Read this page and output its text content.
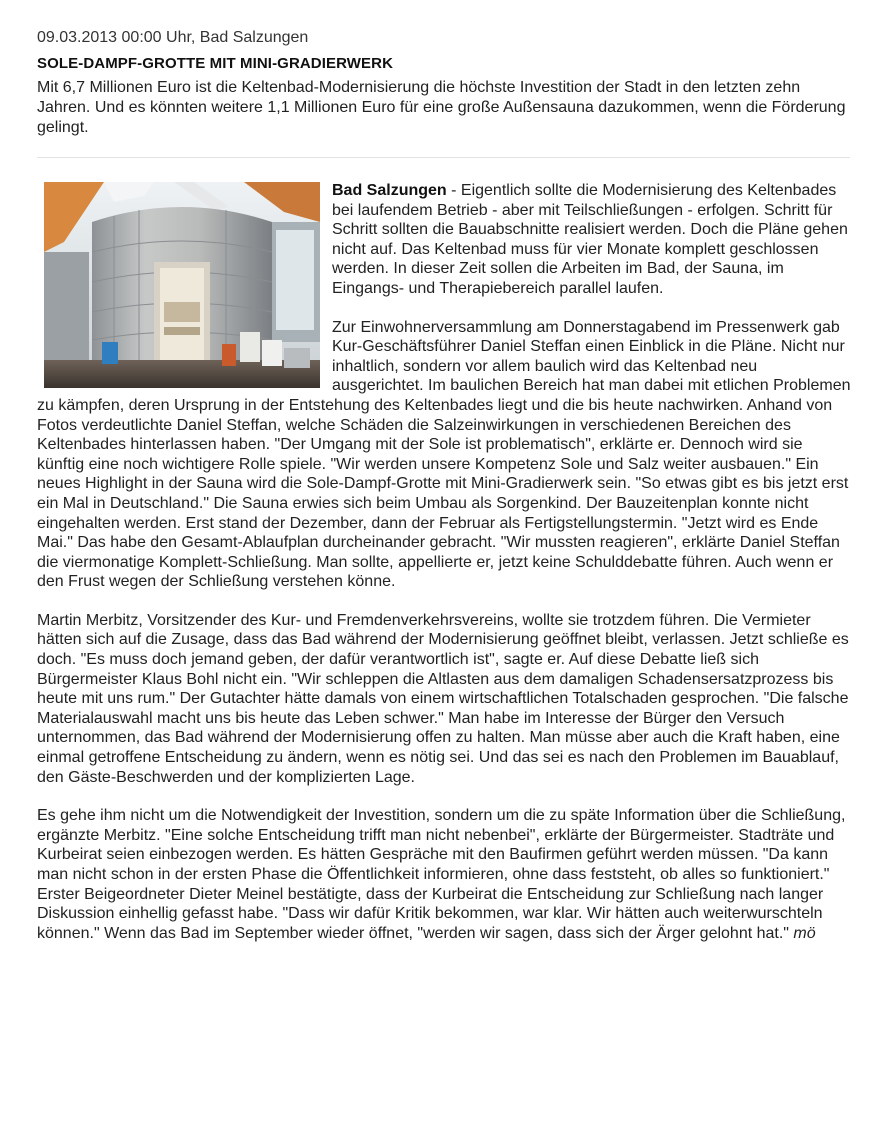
09.03.2013 00:00 Uhr, Bad Salzungen

SOLE-DAMPF-GROTTE MIT MINI-GRADIERWERK

Mit 6,7 Millionen Euro ist die Keltenbad-Modernisierung die höchste Investition der Stadt in den letzten zehn Jahren. Und es könnten weitere 1,1 Millionen Euro für eine große Außensauna dazukommen, wenn die Förderung gelingt.

Bad Salzungen - Eigentlich sollte die Modernisierung des Keltenbades bei laufendem Betrieb - aber mit Teilschließungen - erfolgen. Schritt für Schritt sollten die Bauabschnitte realisiert werden. Doch die Pläne gehen nicht auf. Das Keltenbad muss für vier Monate komplett geschlossen werden. In dieser Zeit sollen die Arbeiten im Bad, der Sauna, im Eingangs- und Therapiebereich parallel laufen.

Zur Einwohnerversammlung am Donnerstagabend im Pressenwerk gab Kur-Geschäftsführer Daniel Steffan einen Einblick in die Pläne. Nicht nur inhaltlich, sondern vor allem baulich wird das Keltenbad neu ausgerichtet. Im baulichen Bereich hat man dabei mit etlichen Problemen zu kämpfen, deren Ursprung in der Entstehung des Keltenbades liegt und die bis heute nachwirken. Anhand von Fotos verdeutlichte Daniel Steffan, welche Schäden die Salzeinwirkungen in verschiedenen Bereichen des Keltenbades hinterlassen haben. "Der Umgang mit der Sole ist problematisch", erklärte er. Dennoch wird sie künftig eine noch wichtigere Rolle spiele. "Wir werden unsere Kompetenz Sole und Salz weiter ausbauen." Ein neues Highlight in der Sauna wird die Sole-Dampf-Grotte mit Mini-Gradierwerk sein. "So etwas gibt es bis jetzt erst ein Mal in Deutschland." Die Sauna erwies sich beim Umbau als Sorgenkind. Der Bauzeitenplan konnte nicht eingehalten werden. Erst stand der Dezember, dann der Februar als Fertigstellungstermin. "Jetzt wird es Ende Mai." Das habe den Gesamt-Ablaufplan durcheinander gebracht. "Wir mussten reagieren", erklärte Daniel Steffan die viermonatige Komplett-Schließung. Man sollte, appellierte er, jetzt keine Schulddebatte führen. Auch wenn er den Frust wegen der Schließung verstehen könne.

Martin Merbitz, Vorsitzender des Kur- und Fremdenverkehrsvereins, wollte sie trotzdem führen. Die Vermieter hätten sich auf die Zusage, dass das Bad während der Modernisierung geöffnet bleibt, verlassen. Jetzt schließe es doch. "Es muss doch jemand geben, der dafür verantwortlich ist", sagte er. Auf diese Debatte ließ sich Bürgermeister Klaus Bohl nicht ein. "Wir schleppen die Altlasten aus dem damaligen Schadensersatzprozess bis heute mit uns rum." Der Gutachter hätte damals von einem wirtschaftlichen Totalschaden gesprochen. "Die falsche Materialauswahl macht uns bis heute das Leben schwer." Man habe im Interesse der Bürger den Versuch unternommen, das Bad während der Modernisierung offen zu halten. Man müsse aber auch die Kraft haben, eine einmal getroffene Entscheidung zu ändern, wenn es nötig sei. Und das sei es nach den Problemen im Bauablauf, den Gäste-Beschwerden und der komplizierten Lage.

Es gehe ihm nicht um die Notwendigkeit der Investition, sondern um die zu späte Information über die Schließung, ergänzte Merbitz. "Eine solche Entscheidung trifft man nicht nebenbei", erklärte der Bürgermeister. Stadträte und Kurbeirat seien einbezogen werden. Es hätten Gespräche mit den Baufirmen geführt werden müssen. "Da kann man nicht schon in der ersten Phase die Öffentlichkeit informieren, ohne dass feststeht, ob alles so funktioniert." Erster Beigeordneter Dieter Meinel bestätigte, dass der Kurbeirat die Entscheidung zur Schließung nach langer Diskussion einhellig gefasst habe. "Dass wir dafür Kritik bekommen, war klar. Wir hätten auch weiterwurschteln können." Wenn das Bad im September wieder öffnet, "werden wir sagen, dass sich der Ärger gelohnt hat." mö
